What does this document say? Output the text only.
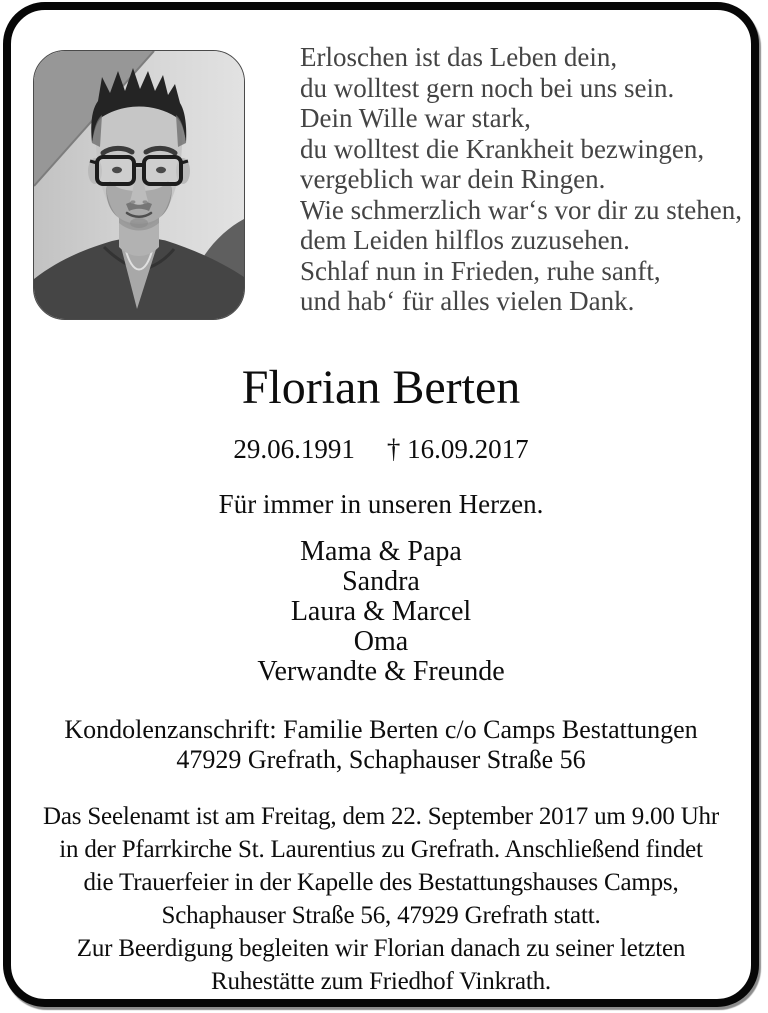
Erloschen ist das Leben dein,

du wolltest gern noch bei uns sein.

Dein Wille war stark,

du wolltest die Krankheit bezwingen,

vergeblich war dein Ringen.

Wie schmerzlich war‘s vor dir zu stehen,

dem Leiden hilflos zuzusehen.

Schlaf nun in Frieden, ruhe sanft,

und hab‘ für alles vielen Dank.

Florian Berten
29.06.1991 † 16.09.2017

Für immer in unseren Herzen.

Mama & Papa
Sandra
Laura & Marcel
Oma
Verwandte & Freunde
Kondolenzanschrift: Familie Berten c/o Camps Bestattungen
47929 Grefrath, Schaphauser Straße 56
Das Seelenamt ist am Freitag, dem 22. September 2017 um 9.00 Uhr
in der Pfarrkirche St. Laurentius zu Grefrath. Anschließend findet
die Trauerfeier in der Kapelle des Bestattungshauses Camps,
Schaphauser Straße 56, 47929 Grefrath statt.
Zur Beerdigung begleiten wir Florian danach zu seiner letzten
Ruhestätte zum Friedhof Vinkrath.
